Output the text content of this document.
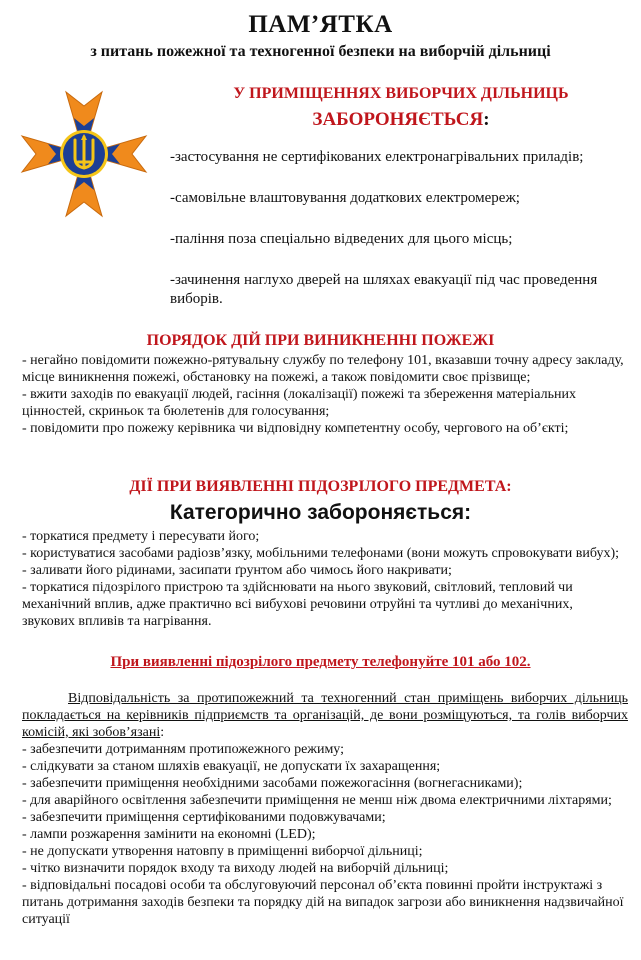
ПАМ’ЯТКА
з питань пожежної та техногенної безпеки на виборчій дільниці
У ПРИМІЩЕННЯХ ВИБОРЧИХ ДІЛЬНИЦЬ
ЗАБОРОНЯЄТЬСЯ:
-застосування не сертифікованих електронагрівальних приладів;
-самовільне влаштовування додаткових електромереж;
-паління поза спеціально відведених для цього місць;
-зачинення наглухо дверей на шляхах евакуації під час проведення виборів.
ПОРЯДОК ДІЙ ПРИ ВИНИКНЕННІ ПОЖЕЖІ

- негайно повідомити пожежно-рятувальну службу по телефону 101, вказавши точну адресу закладу, місце виникнення пожежі, обстановку на пожежі, а також повідомити своє прізвище;

- вжити заходів по евакуації людей, гасіння (локалізації) пожежі та збереження матеріальних цінностей, скриньок та бюлетенів для голосування;

- повідомити про пожежу керівника чи відповідну компетентну особу, чергового на об’єкті;

ДІЇ ПРИ ВИЯВЛЕННІ ПІДОЗРІЛОГО ПРЕДМЕТА:
Категорично забороняється:

- торкатися предмету і пересувати його;

- користуватися засобами радіозв’язку, мобільними телефонами (вони можуть спровокувати вибух);

- заливати його рідинами, засипати ґрунтом або чимось його накривати;

- торкатися підозрілого пристрою та здійснювати на нього звуковий, світловий, тепловий чи механічний вплив, адже практично всі вибухові речовини отруйні та чутливі до механічних, звукових впливів та нагрівання.

При виявленні підозрілого предмету телефонуйте 101 або 102.

Відповідальність за протипожежний та техногенний стан приміщень виборчих дільниць покладається на керівників підприємств та організацій, де вони розміщуються, та голів виборчих комісій, які зобов’язані:

- забезпечити дотриманням протипожежного режиму;

- слідкувати за станом шляхів евакуації, не допускати їх захаращення;

- забезпечити приміщення необхідними засобами пожежогасіння (вогнегасниками);

- для аварійного освітлення забезпечити приміщення не менш ніж двома електричними ліхтарями;

- забезпечити приміщення сертифікованими подовжувачами;

- лампи розжарення замінити на економні (LED);

- не допускати утворення натовпу в приміщенні виборчої дільниці;

- чітко визначити порядок входу та виходу людей на виборчій дільниці;

- відповідальні посадові особи та обслуговуючий персонал об’єкта повинні пройти інструктажі з питань дотримання заходів безпеки та порядку дій на випадок загрози або виникнення надзвичайної ситуації
